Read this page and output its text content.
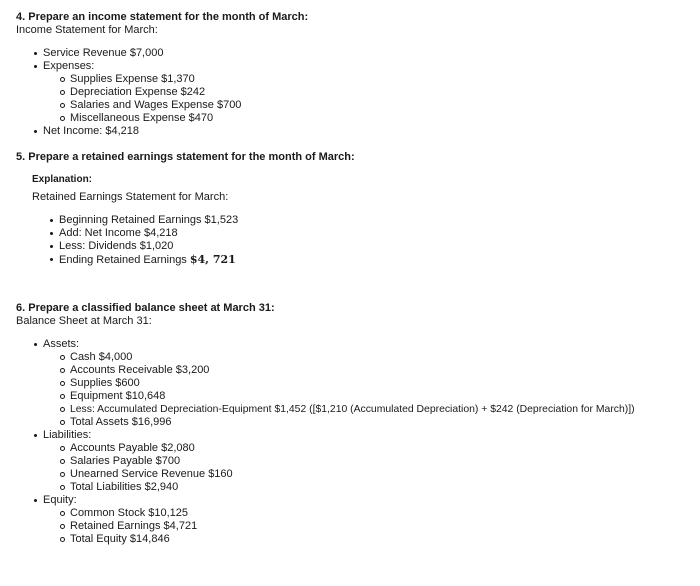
4. Prepare an income statement for the month of March:
Income Statement for March:
Service Revenue $7,000
Expenses:
Supplies Expense $1,370
Depreciation Expense $242
Salaries and Wages Expense $700
Miscellaneous Expense $470
Net Income: $4,218
5. Prepare a retained earnings statement for the month of March:
Explanation:
Retained Earnings Statement for March:
Beginning Retained Earnings $1,523
Add: Net Income $4,218
Less: Dividends $1,020
Ending Retained Earnings $4, 721
6. Prepare a classified balance sheet at March 31:
Balance Sheet at March 31:
Assets:
Cash $4,000
Accounts Receivable $3,200
Supplies $600
Equipment $10,648
Less: Accumulated Depreciation-Equipment $1,452 ([$1,210 (Accumulated Depreciation) + $242 (Depreciation for March)])
Total Assets $16,996
Liabilities:
Accounts Payable $2,080
Salaries Payable $700
Unearned Service Revenue $160
Total Liabilities $2,940
Equity:
Common Stock $10,125
Retained Earnings $4,721
Total Equity $14,846
